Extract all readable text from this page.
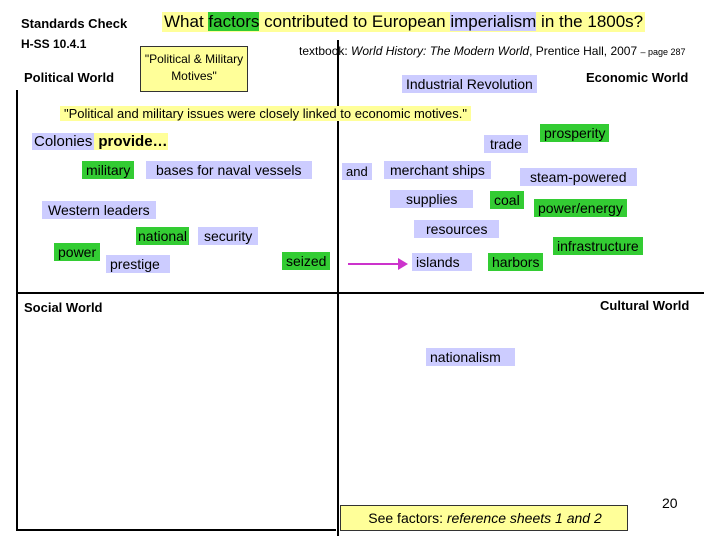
Standards Check
H-SS 10.4.1
What factors contributed to European imperialism in the 1800s?
textbook: World History: The Modern World, Prentice Hall, 2007 – page 287
Political World	Economic World
Social World	Cultural World
"Political & Military Motives"	Industrial Revolution
"Political and military issues were closely linked to economic motives."
Colonies provide…
military	bases for naval vessels
Western leaders
power
national	security
prestige	seized
trade
prosperity
and	merchant ships	steam-powered
supplies	coal power/energy
resources
infrastructure
islands	harbors
nationalism
See factors: reference sheets 1 and 2
20
